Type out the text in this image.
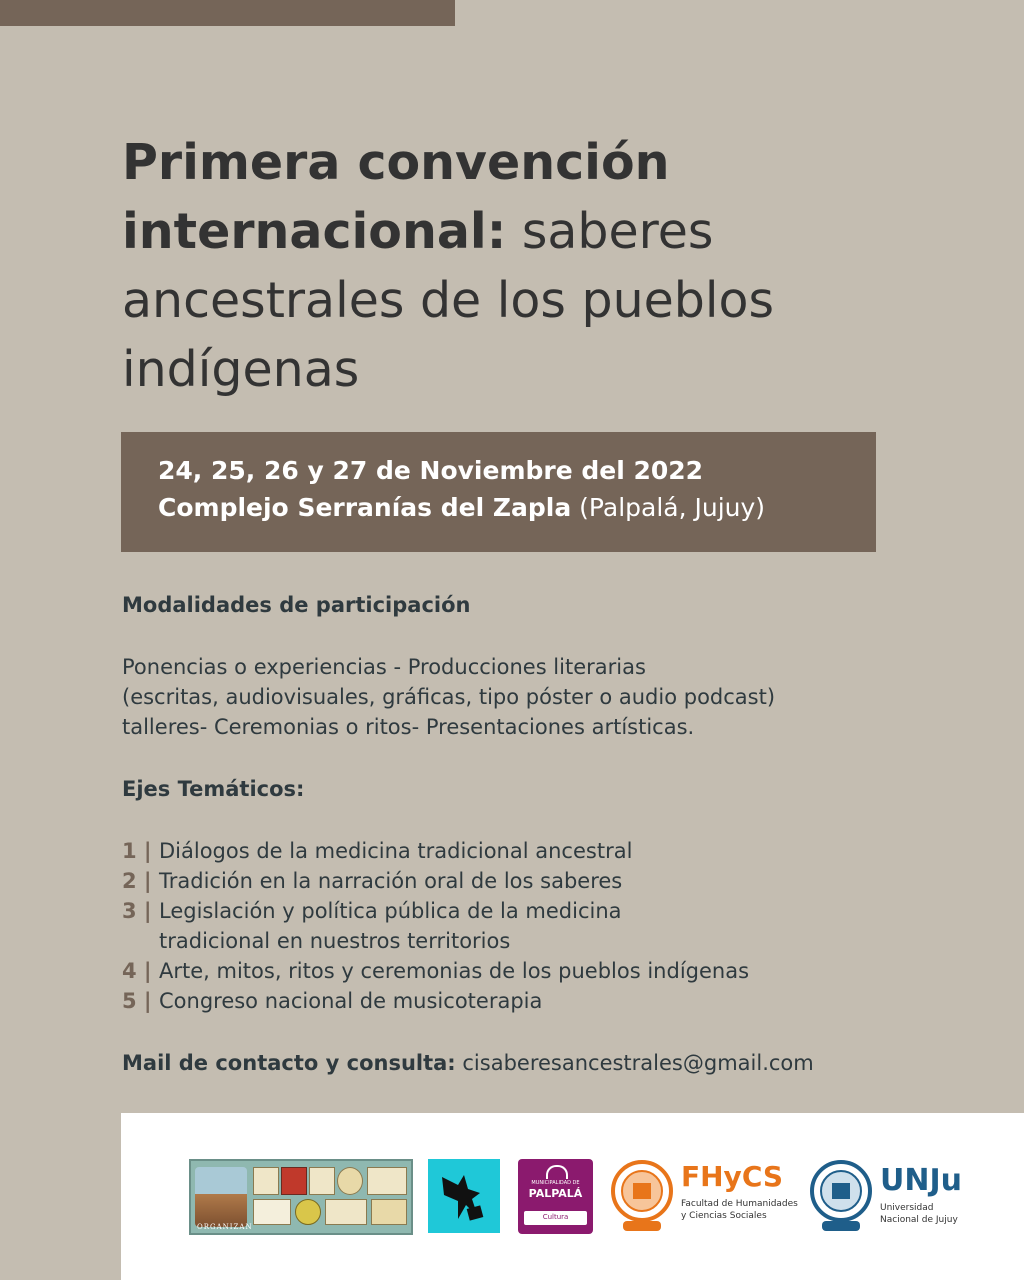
Primera convención internacional: saberes ancestrales de los pueblos indígenas
24, 25, 26 y 27 de Noviembre del 2022
Complejo Serranías del Zapla (Palpalá, Jujuy)

Modalidades de participación

Ponencias o experiencias - Producciones literarias

(escritas, audiovisuales, gráficas, tipo póster o audio podcast)

talleres- Ceremonias o ritos- Presentaciones artísticas.

Ejes Temáticos:

1 | Diálogos de la medicina tradicional ancestral
2 | Tradición en la narración oral de los saberes
3 | Legislación y política pública de la medicina tradicional en nuestros territorios
4 | Arte, mitos, ritos y ceremonias de los pueblos indígenas
5 | Congreso nacional de musicoterapia

Mail de contacto y consulta: cisaberesancestrales@gmail.com

ORGANIZAN
MUNICIPALIDAD DE
PALPALÁ
Cultura
FHyCS
Facultad de Humanidades
y Ciencias Sociales
UNJu
Universidad
Nacional de Jujuy
